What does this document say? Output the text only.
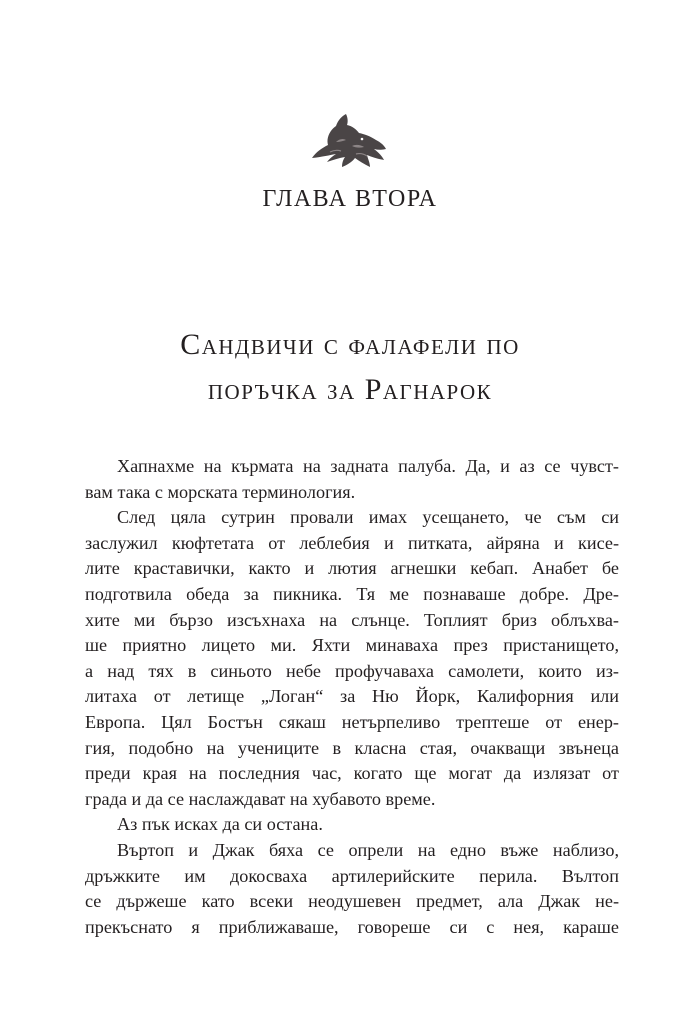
ГЛАВА ВТОРА
Сандвичи с фалафели по
поръчка за Рагнарок
Хапнахме на кърмата на задната палуба. Да, и аз се чувст-
вам така с морската терминология.
След цяла сутрин провали имах усещането, че съм си
заслужил кюфтетата от леблебия и питката, айряна и кисе-
лите краставички, както и лютия агнешки кебап. Анабет бе
подготвила обеда за пикника. Тя ме познаваше добре. Дре-
хите ми бързо изсъхнаха на слънце. Топлият бриз облъхва-
ше приятно лицето ми. Яхти минаваха през пристанището,
а над тях в синьото небе профучаваха самолети, които из-
литаха от летище „Логан“ за Ню Йорк, Калифорния или
Европа. Цял Бостън сякаш нетърпеливо трептеше от енер-
гия, подобно на учениците в класна стая, очакващи звънеца
преди края на последния час, когато ще могат да излязат от
града и да се наслаждават на хубавото време.
Аз пък исках да си остана.
Въртоп и Джак бяха се опрели на едно въже наблизо,
дръжките им докосваха артилерийските перила. Вълтоп
се държеше като всеки неодушевен предмет, ала Джак не-
прекъснато я приближаваше, говореше си с нея, караше
